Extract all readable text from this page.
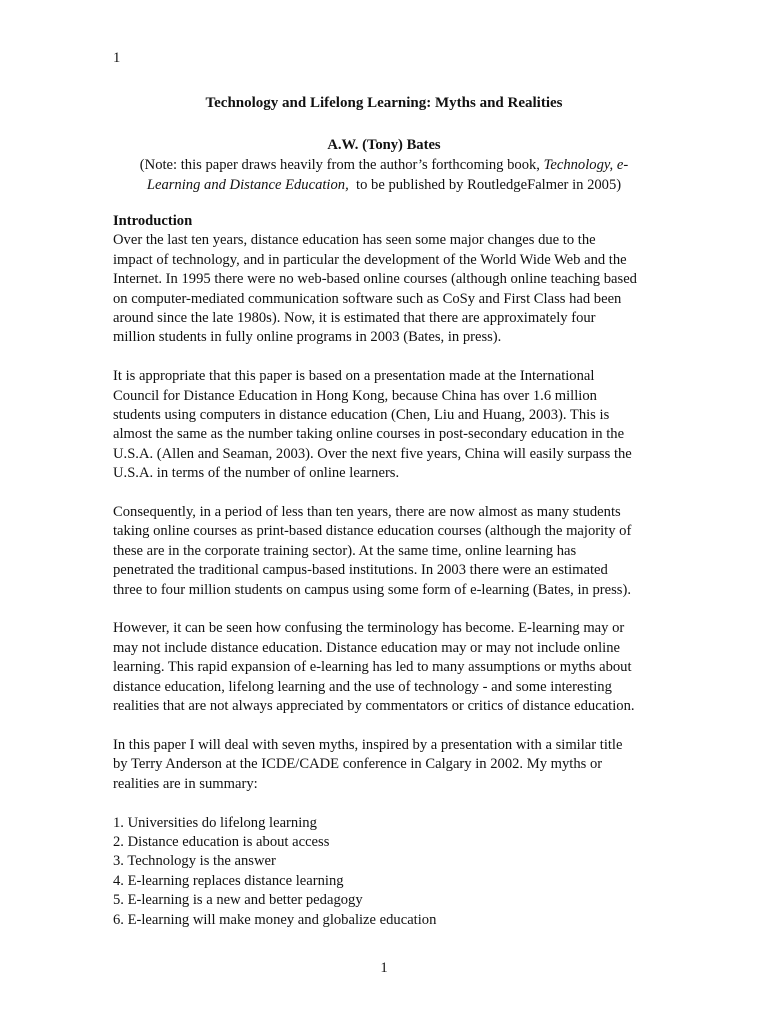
1
Technology and Lifelong Learning: Myths and Realities
A.W. (Tony) Bates
(Note: this paper draws heavily from the author’s forthcoming book, Technology, e-
Learning and Distance Education,  to be published by RoutledgeFalmer in 2005)

Introduction

Over the last ten years, distance education has seen some major changes due to the
impact of technology, and in particular the development of the World Wide Web and the
Internet. In 1995 there were no web-based online courses (although online teaching based
on computer-mediated communication software such as CoSy and First Class had been
around since the late 1980s). Now, it is estimated that there are approximately four
million students in fully online programs in 2003 (Bates, in press).

It is appropriate that this paper is based on a presentation made at the International
Council for Distance Education in Hong Kong, because China has over 1.6 million
students using computers in distance education (Chen, Liu and Huang, 2003). This is
almost the same as the number taking online courses in post-secondary education in the
U.S.A. (Allen and Seaman, 2003). Over the next five years, China will easily surpass the
U.S.A. in terms of the number of online learners.

Consequently, in a period of less than ten years, there are now almost as many students
taking online courses as print-based distance education courses (although the majority of
these are in the corporate training sector). At the same time, online learning has
penetrated the traditional campus-based institutions. In 2003 there were an estimated
three to four million students on campus using some form of e-learning (Bates, in press).

However, it can be seen how confusing the terminology has become. E-learning may or
may not include distance education. Distance education may or may not include online
learning. This rapid expansion of e-learning has led to many assumptions or myths about
distance education, lifelong learning and the use of technology - and some interesting
realities that are not always appreciated by commentators or critics of distance education.

In this paper I will deal with seven myths, inspired by a presentation with a similar title
by Terry Anderson at the ICDE/CADE conference in Calgary in 2002. My myths or
realities are in summary:

1. Universities do lifelong learning
2. Distance education is about access
3. Technology is the answer
4. E-learning replaces distance learning
5. E-learning is a new and better pedagogy
6. E-learning will make money and globalize education
1
